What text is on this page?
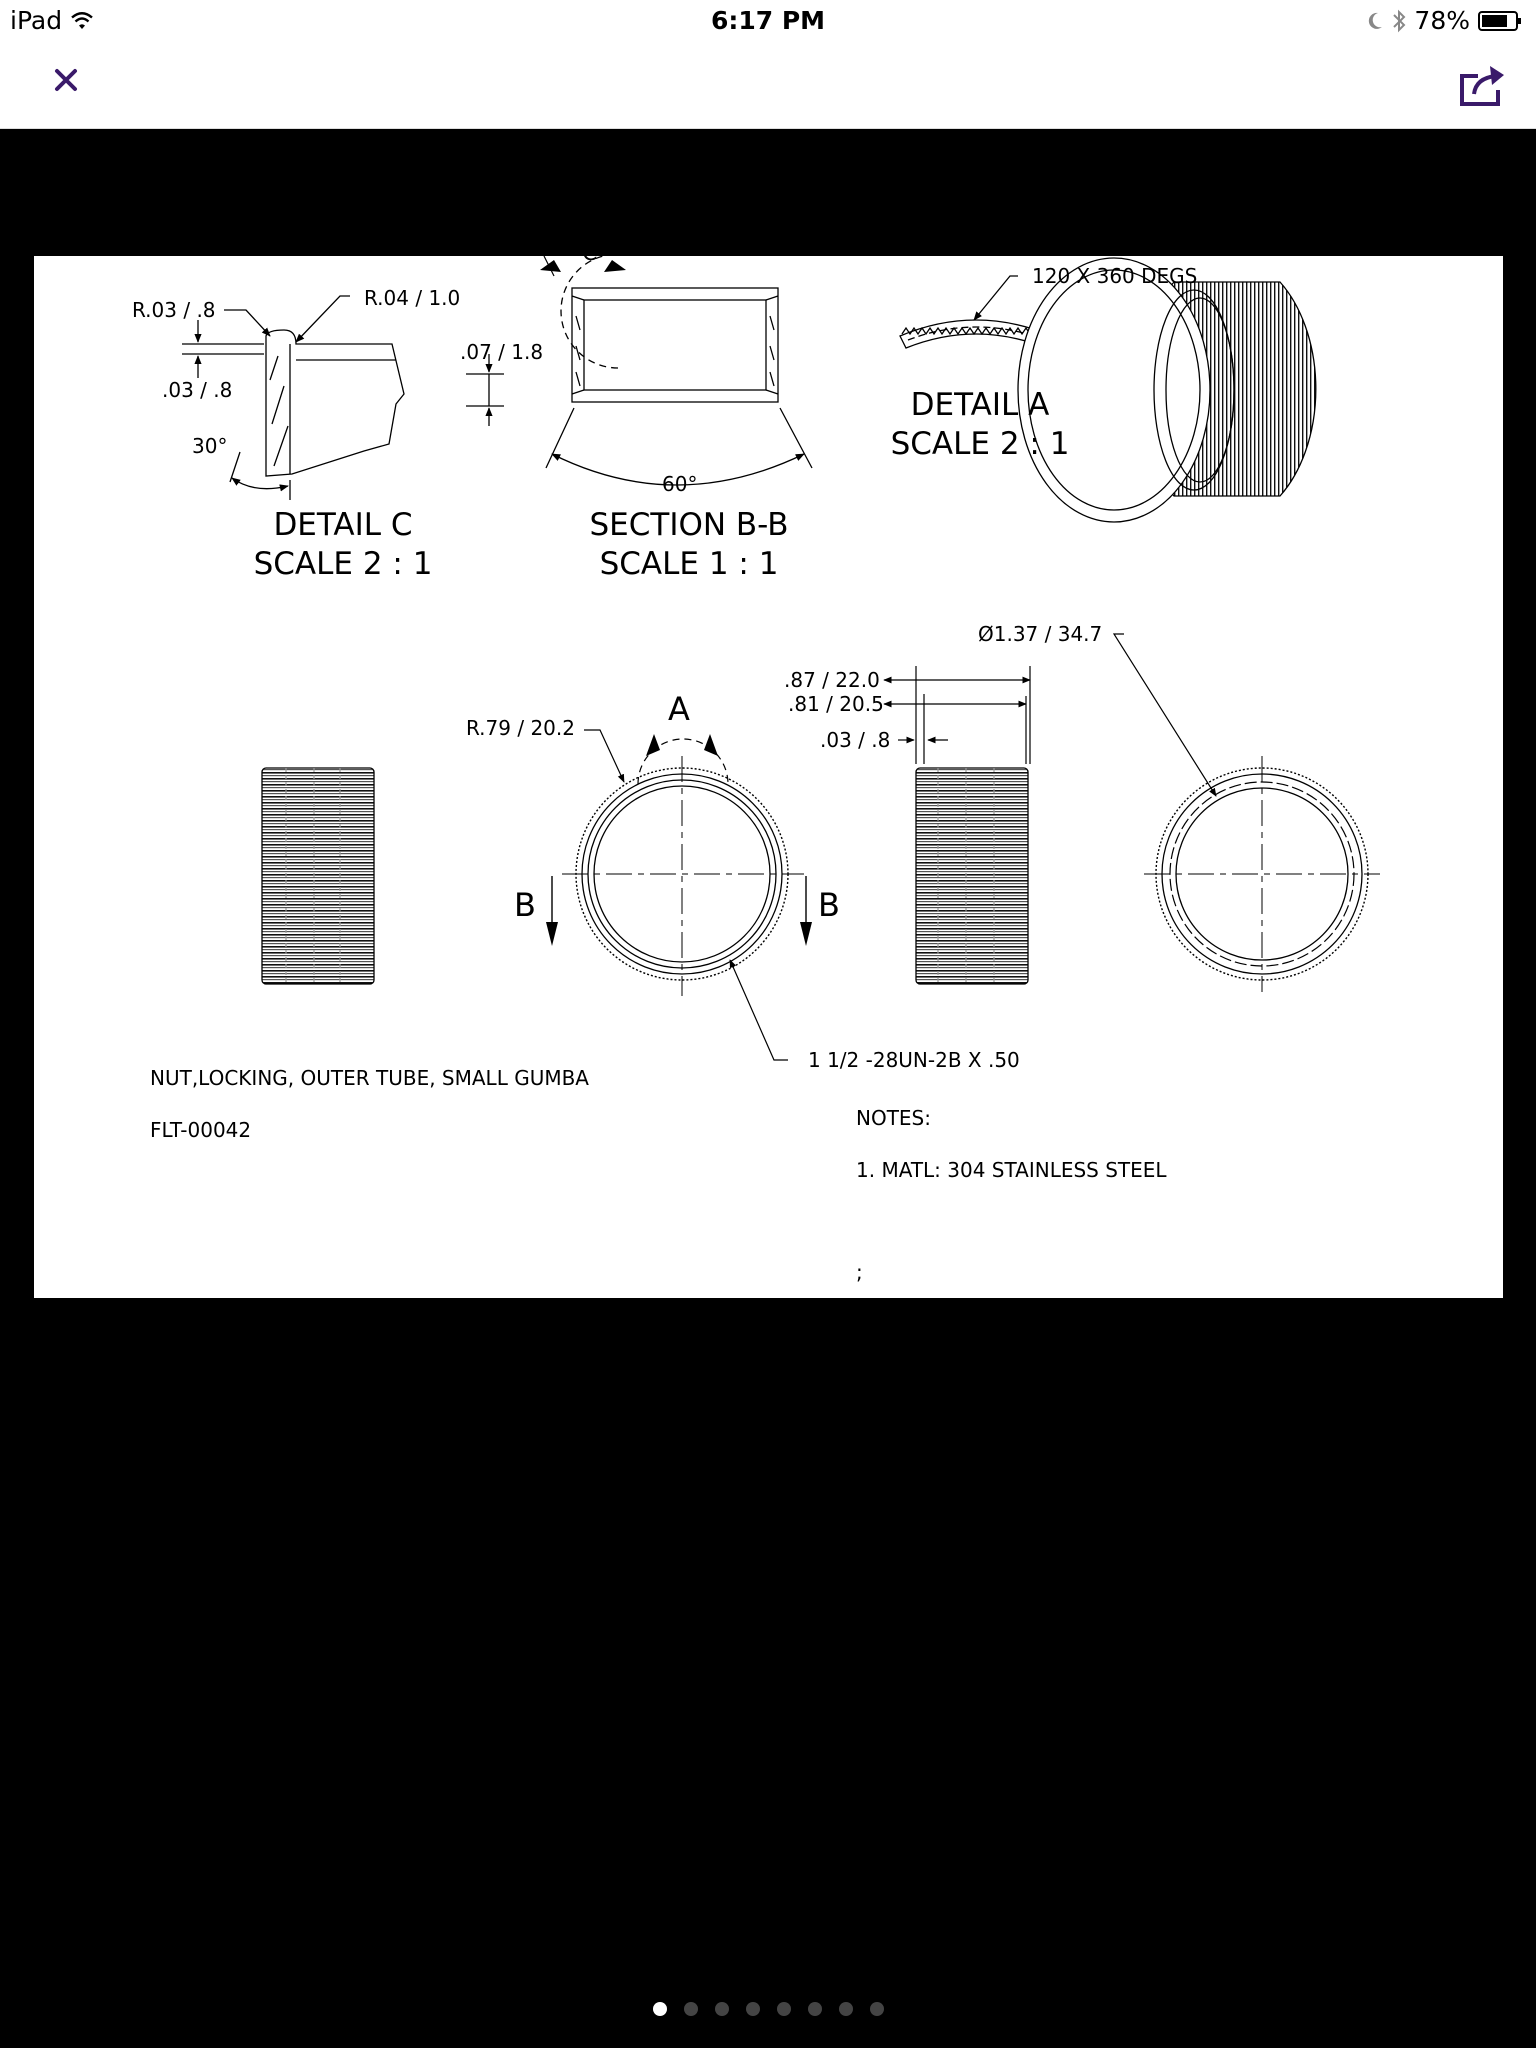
iPad	6:17 PM	78%
C
R.03 / .8	R.04 / 1.0
.03 / .8
30°
DETAIL C
SCALE 2 : 1
.07 / 1.8
60°
SECTION B-B
SCALE 1 : 1
120 X 360 DEGS
DETAIL A
SCALE 2 : 1
R.79 / 20.2	A
B	B
1 1/2 -28UN-2B X .50
.87 / 22.0
.81 / 20.5
.03 / .8
Ø1.37 / 34.7
NUT,LOCKING, OUTER TUBE, SMALL GUMBA
FLT-00042	NOTES:
1. MATL: 304 STAINLESS STEEL
;
